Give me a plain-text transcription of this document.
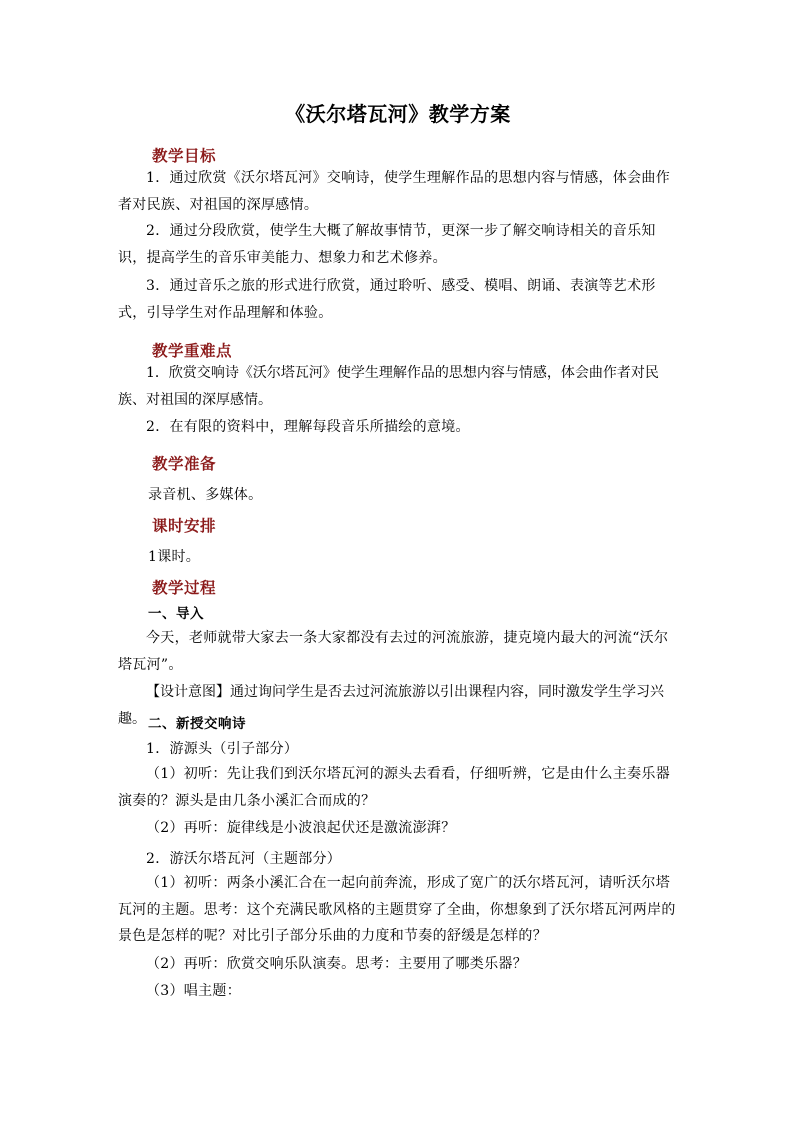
《沃尔塔瓦河》教学方案
教学目标
1．通过欣赏《沃尔塔瓦河》交响诗，使学生理解作品的思想内容与情感，体会曲作者对民族、对祖国的深厚感情。
2．通过分段欣赏，使学生大概了解故事情节，更深一步了解交响诗相关的音乐知识，提高学生的音乐审美能力、想象力和艺术修养。
3．通过音乐之旅的形式进行欣赏，通过聆听、感受、模唱、朗诵、表演等艺术形式，引导学生对作品理解和体验。
教学重难点
1．欣赏交响诗《沃尔塔瓦河》使学生理解作品的思想内容与情感，体会曲作者对民族、对祖国的深厚感情。
2．在有限的资料中，理解每段音乐所描绘的意境。
教学准备
录音机、多媒体。
课时安排
1课时。
教学过程
一、导入
今天，老师就带大家去一条大家都没有去过的河流旅游，捷克境内最大的河流“沃尔塔瓦河”。
【设计意图】通过询问学生是否去过河流旅游以引出课程内容，同时激发学生学习兴趣。 二、新授交响诗
1．游源头（引子部分）
（1）初听：先让我们到沃尔塔瓦河的源头去看看，仔细听辨，它是由什么主奏乐器演奏的？源头是由几条小溪汇合而成的？
（2）再听：旋律线是小波浪起伏还是激流澎湃？
2．游沃尔塔瓦河（主题部分）
（1）初听：两条小溪汇合在一起向前奔流，形成了宽广的沃尔塔瓦河，请听沃尔塔瓦河的主题。思考：这个充满民歌风格的主题贯穿了全曲，你想象到了沃尔塔瓦河两岸的景色是怎样的呢？对比引子部分乐曲的力度和节奏的舒缓是怎样的？
（2）再听：欣赏交响乐队演奏。思考：主要用了哪类乐器？
（3）唱主题：
